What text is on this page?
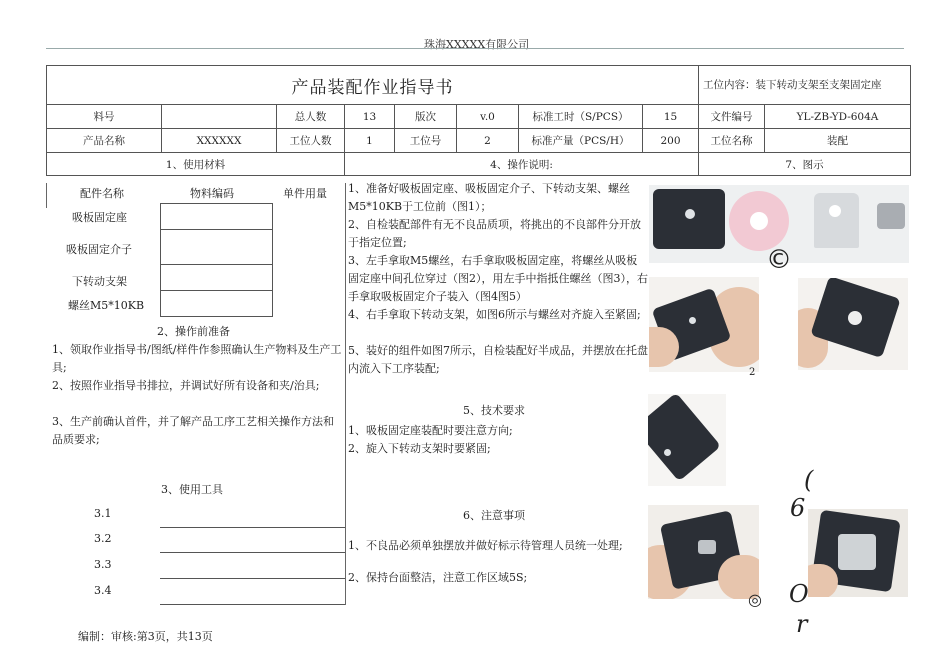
珠海XXXXX有限公司
产品装配作业指导书								工位内容：装下转动支架至支架固定座	
料号		总人数	13	版次	v.0	标准工时（S/PCS）	15	文件编号	YL-ZB-YD-604A
产品名称	XXXXXX	工位人数	1	工位号	2	标准产量（PCS/H）	200	工位名称	装配
1、使用材料			4、操作说明:					7、图示	
配件名称	物料编码	单件用量
吸板固定座
吸板固定介子
下转动支架
螺丝M5*10KB
2、操作前准备
1、领取作业指导书/图纸/样件作参照确认生产物料及生产工具;
2、按照作业指导书排拉，并调试好所有设备和夹/治具;
3、生产前确认首件，并了解产品工序工艺相关操作方法和品质要求;
3、使用工具
3.1
3.2
3.3
3.4
1、准备好吸板固定座、吸板固定介子、下转动支架、螺丝M5*10KB于工位前（图1）；
2、自检装配部件有无不良品质项，将挑出的不良部件分开放于指定位置;
3、左手拿取M5螺丝，右手拿取吸板固定座，将螺丝从吸板固定座中间孔位穿过（图2），用左手中指抵住螺丝（图3），右手拿取吸板固定介子装入（图4图5）
4、右手拿取下转动支架，如图6所示与螺丝对齐旋入至紧固;
5、装好的组件如图7所示，自检装配好半成品，并摆放在托盘内流入下工序装配;
5、技术要求
1、吸板固定座装配时要注意方向;
2、旋入下转动支架时要紧固;
6、注意事项
1、不良品必须单独摆放并做好标示待管理人员统一处理;
2、保持台面整洁，注意工作区域5S;
编制：审核:第3页，共13页
©
2
(
6
◎ O
r
